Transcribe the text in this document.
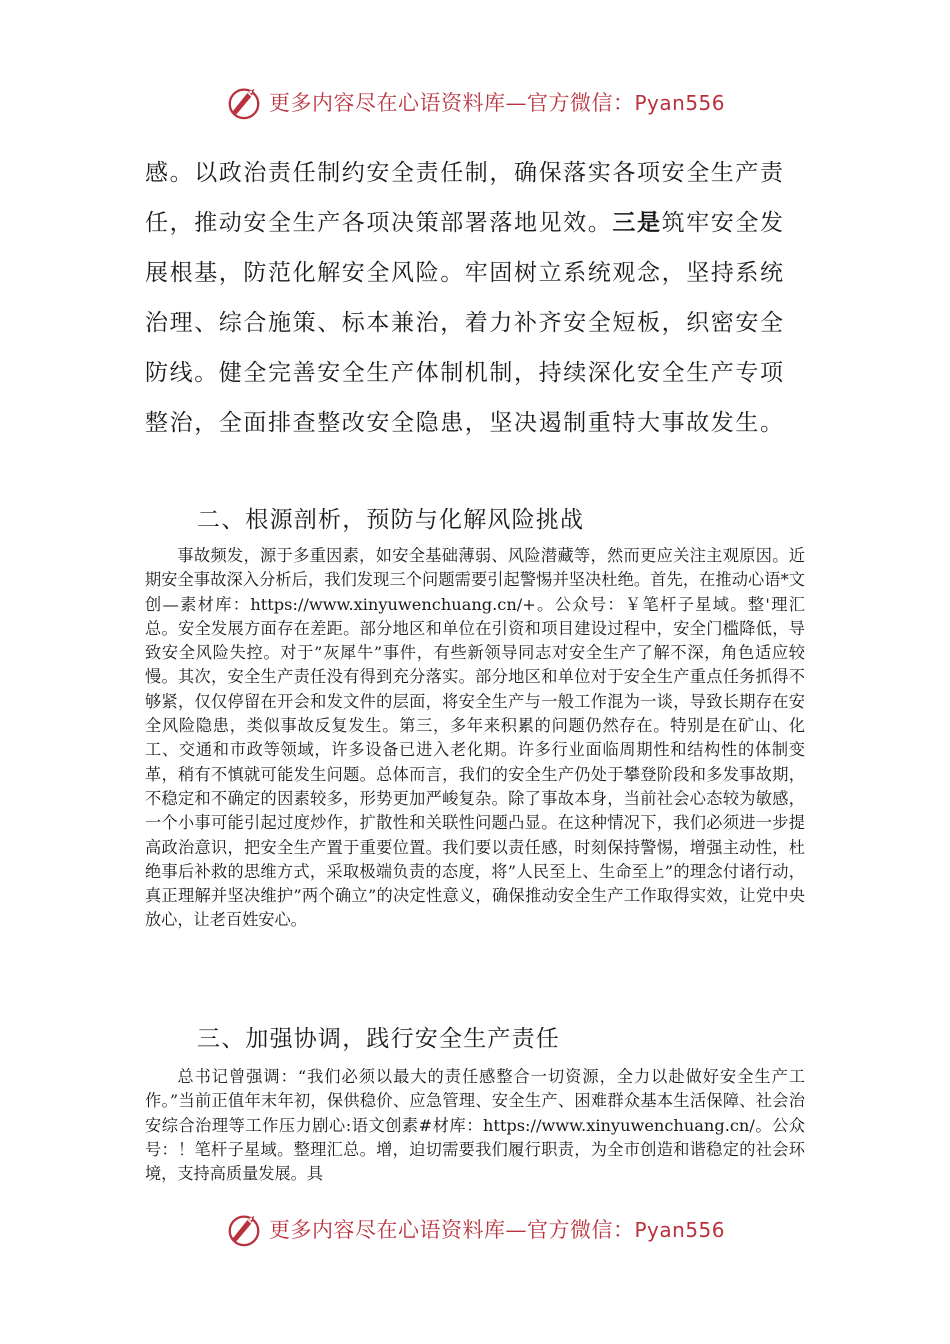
更多内容尽在心语资料库—官方微信：Pyan556

感。以政治责任制约安全责任制，确保落实各项安全生产责任，推动安全生产各项决策部署落地见效。三是筑牢安全发展根基，防范化解安全风险。牢固树立系统观念，坚持系统治理、综合施策、标本兼治，着力补齐安全短板，织密安全防线。健全完善安全生产体制机制，持续深化安全生产专项整治，全面排查整改安全隐患，坚决遏制重特大事故发生。

二、根源剖析，预防与化解风险挑战

事故频发，源于多重因素，如安全基础薄弱、风险潜藏等，然而更应关注主观原因。近期安全事故深入分析后，我们发现三个问题需要引起警惕并坚决杜绝。首先，在推动心语*文创—素材库：https://www.xinyuwenchuang.cn/+。公众号：￥笔杆子星域。整'理汇总。安全发展方面存在差距。部分地区和单位在引资和项目建设过程中，安全门槛降低，导致安全风险失控。对于”灰犀牛”事件，有些新领导同志对安全生产了解不深，角色适应较慢。其次，安全生产责任没有得到充分落实。部分地区和单位对于安全生产重点任务抓得不够紧，仅仅停留在开会和发文件的层面，将安全生产与一般工作混为一谈，导致长期存在安全风险隐患，类似事故反复发生。第三，多年来积累的问题仍然存在。特别是在矿山、化工、交通和市政等领域，许多设备已进入老化期。许多行业面临周期性和结构性的体制变革，稍有不慎就可能发生问题。总体而言，我们的安全生产仍处于攀登阶段和多发事故期，不稳定和不确定的因素较多，形势更加严峻复杂。除了事故本身，当前社会心态较为敏感，一个小事可能引起过度炒作，扩散性和关联性问题凸显。在这种情况下，我们必须进一步提高政治意识，把安全生产置于重要位置。我们要以责任感，时刻保持警惕，增强主动性，杜绝事后补救的思维方式，采取极端负责的态度，将”人民至上、生命至上”的理念付诸行动，真正理解并坚决维护”两个确立”的决定性意义，确保推动安全生产工作取得实效，让党中央放心，让老百姓安心。

三、加强协调，践行安全生产责任

总书记曾强调：“我们必须以最大的责任感整合一切资源，全力以赴做好安全生产工作。”当前正值年末年初，保供稳价、应急管理、安全生产、困难群众基本生活保障、社会治安综合治理等工作压力剧心:语文创素#材库：https://www.xinyuwenchuang.cn/。公众号：！笔杆子星域。整理汇总。增，迫切需要我们履行职责，为全市创造和谐稳定的社会环境，支持高质量发展。具

更多内容尽在心语资料库—官方微信：Pyan556
